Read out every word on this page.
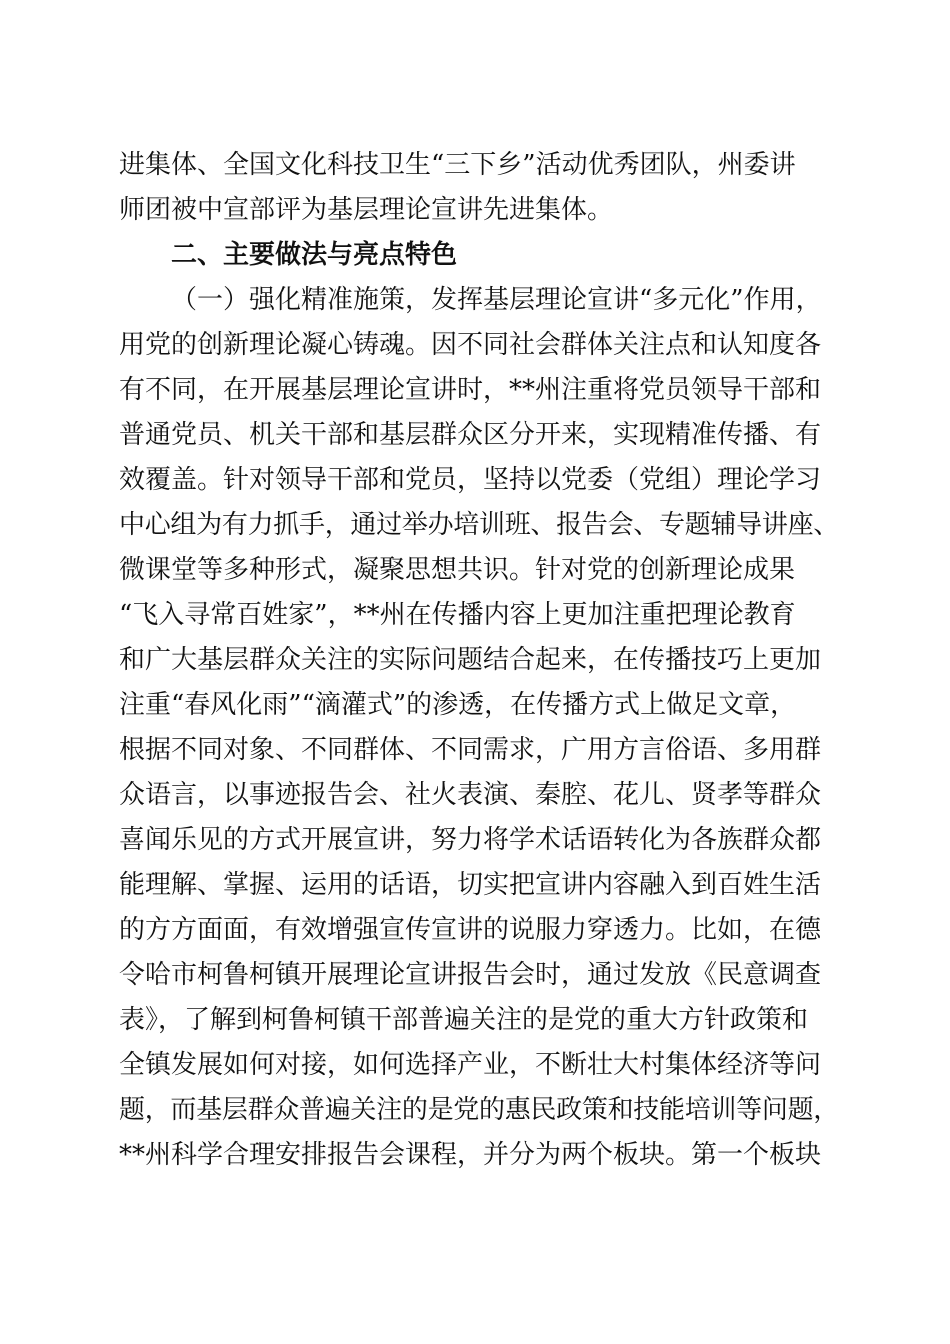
进集体、全国文化科技卫生“三下乡”活动优秀团队，州委讲
师团被中宣部评为基层理论宣讲先进集体。
二、主要做法与亮点特色
（一）强化精准施策，发挥基层理论宣讲“多元化”作用，
用党的创新理论凝心铸魂。因不同社会群体关注点和认知度各
有不同，在开展基层理论宣讲时，**州注重将党员领导干部和
普通党员、机关干部和基层群众区分开来，实现精准传播、有
效覆盖。针对领导干部和党员，坚持以党委（党组）理论学习
中心组为有力抓手，通过举办培训班、报告会、专题辅导讲座、
微课堂等多种形式，凝聚思想共识。针对党的创新理论成果
“飞入寻常百姓家”，**州在传播内容上更加注重把理论教育
和广大基层群众关注的实际问题结合起来，在传播技巧上更加
注重“春风化雨”“滴灌式”的渗透，在传播方式上做足文章，
根据不同对象、不同群体、不同需求，广用方言俗语、多用群
众语言，以事迹报告会、社火表演、秦腔、花儿、贤孝等群众
喜闻乐见的方式开展宣讲，努力将学术话语转化为各族群众都
能理解、掌握、运用的话语，切实把宣讲内容融入到百姓生活
的方方面面，有效增强宣传宣讲的说服力穿透力。比如，在德
令哈市柯鲁柯镇开展理论宣讲报告会时，通过发放《民意调查
表》，了解到柯鲁柯镇干部普遍关注的是党的重大方针政策和
全镇发展如何对接，如何选择产业，不断壮大村集体经济等问
题，而基层群众普遍关注的是党的惠民政策和技能培训等问题，
**州科学合理安排报告会课程，并分为两个板块。第一个板块
